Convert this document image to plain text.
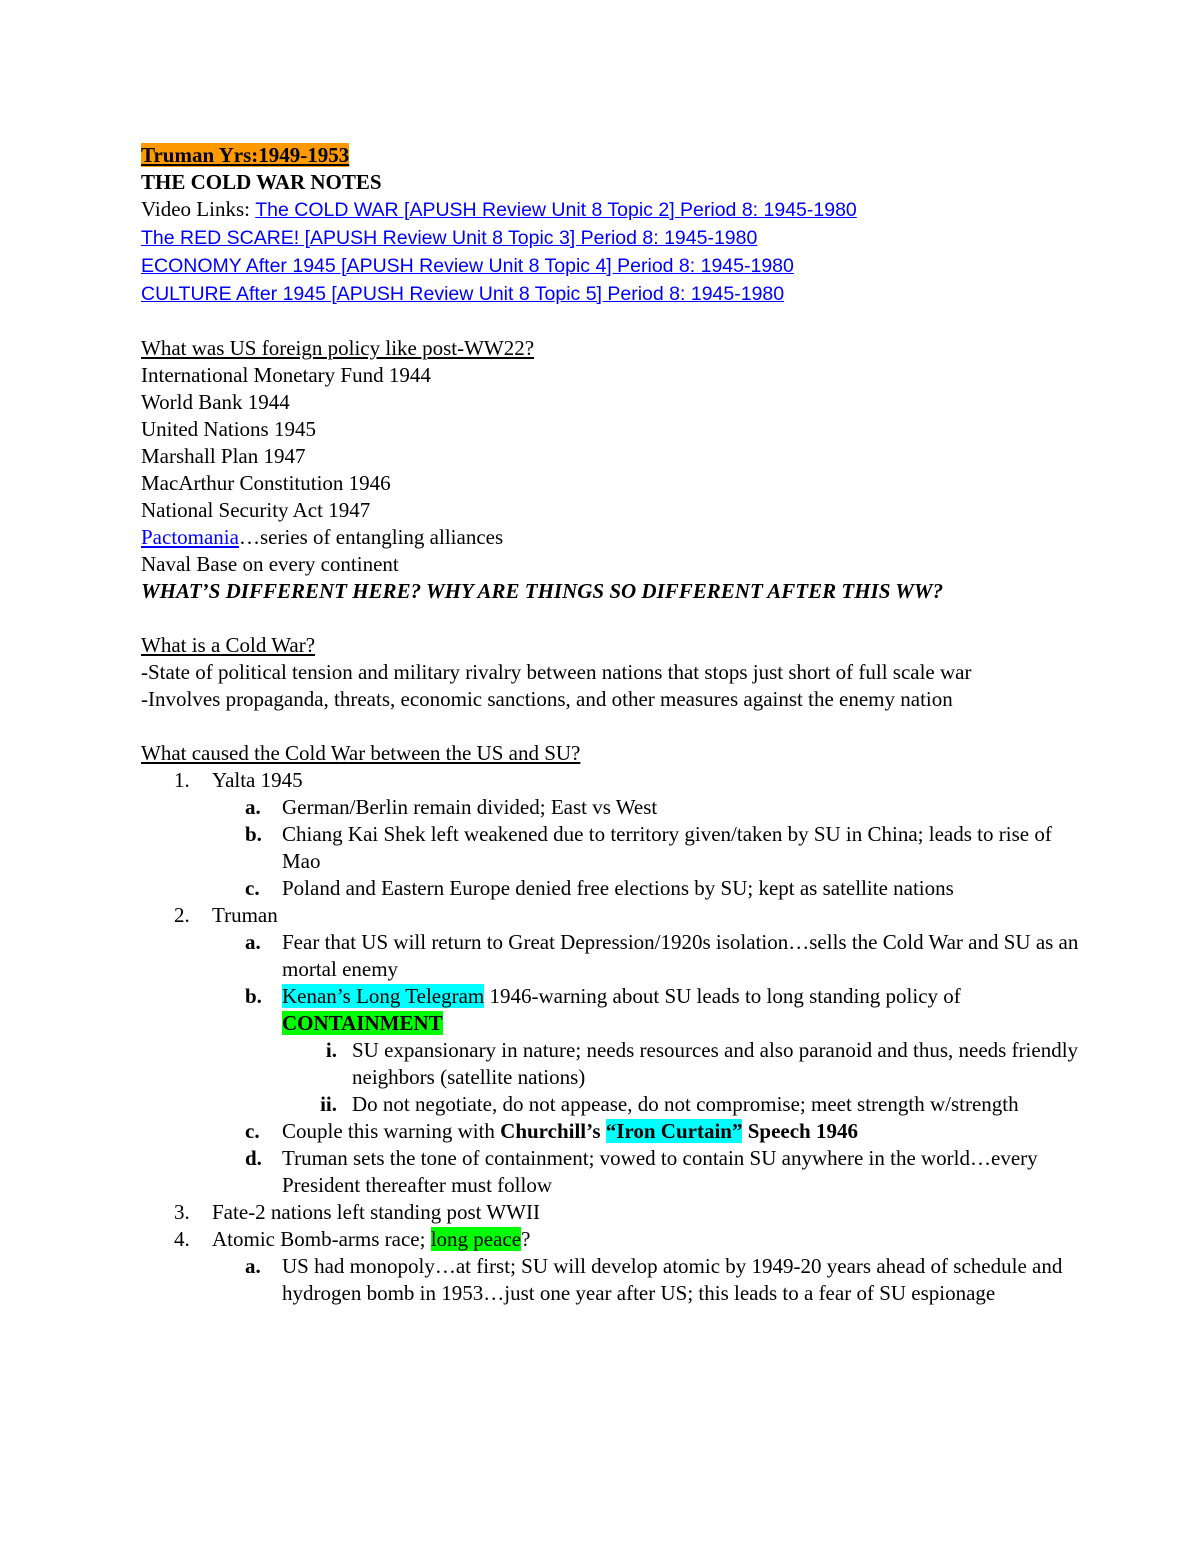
Truman Yrs:1949-1953
THE COLD WAR NOTES
Video Links: The COLD WAR [APUSH Review Unit 8 Topic 2] Period 8: 1945-1980
The RED SCARE! [APUSH Review Unit 8 Topic 3] Period 8: 1945-1980
ECONOMY After 1945 [APUSH Review Unit 8 Topic 4] Period 8: 1945-1980
CULTURE After 1945 [APUSH Review Unit 8 Topic 5] Period 8: 1945-1980
What was US foreign policy like post-WW22?
International Monetary Fund 1944
World Bank 1944
United Nations 1945
Marshall Plan 1947
MacArthur Constitution 1946
National Security Act 1947
Pactomania…series of entangling alliances
Naval Base on every continent
WHAT’S DIFFERENT HERE? WHY ARE THINGS SO DIFFERENT AFTER THIS WW?
What is a Cold War?
-State of political tension and military rivalry between nations that stops just short of full scale war
-Involves propaganda, threats, economic sanctions, and other measures against the enemy nation
What caused the Cold War between the US and SU?
1. Yalta 1945
a. German/Berlin remain divided; East vs West
b. Chiang Kai Shek left weakened due to territory given/taken by SU in China; leads to rise of Mao
c. Poland and Eastern Europe denied free elections by SU; kept as satellite nations
2. Truman
a. Fear that US will return to Great Depression/1920s isolation…sells the Cold War and SU as an mortal enemy
b. Kenan’s Long Telegram 1946-warning about SU leads to long standing policy of CONTAINMENT
i. SU expansionary in nature; needs resources and also paranoid and thus, needs friendly neighbors (satellite nations)
ii. Do not negotiate, do not appease, do not compromise; meet strength w/strength
c. Couple this warning with Churchill’s “Iron Curtain” Speech 1946
d. Truman sets the tone of containment; vowed to contain SU anywhere in the world…every President thereafter must follow
3. Fate-2 nations left standing post WWII
4. Atomic Bomb-arms race; long peace?
a. US had monopoly…at first; SU will develop atomic by 1949-20 years ahead of schedule and hydrogen bomb in 1953…just one year after US; this leads to a fear of SU espionage
